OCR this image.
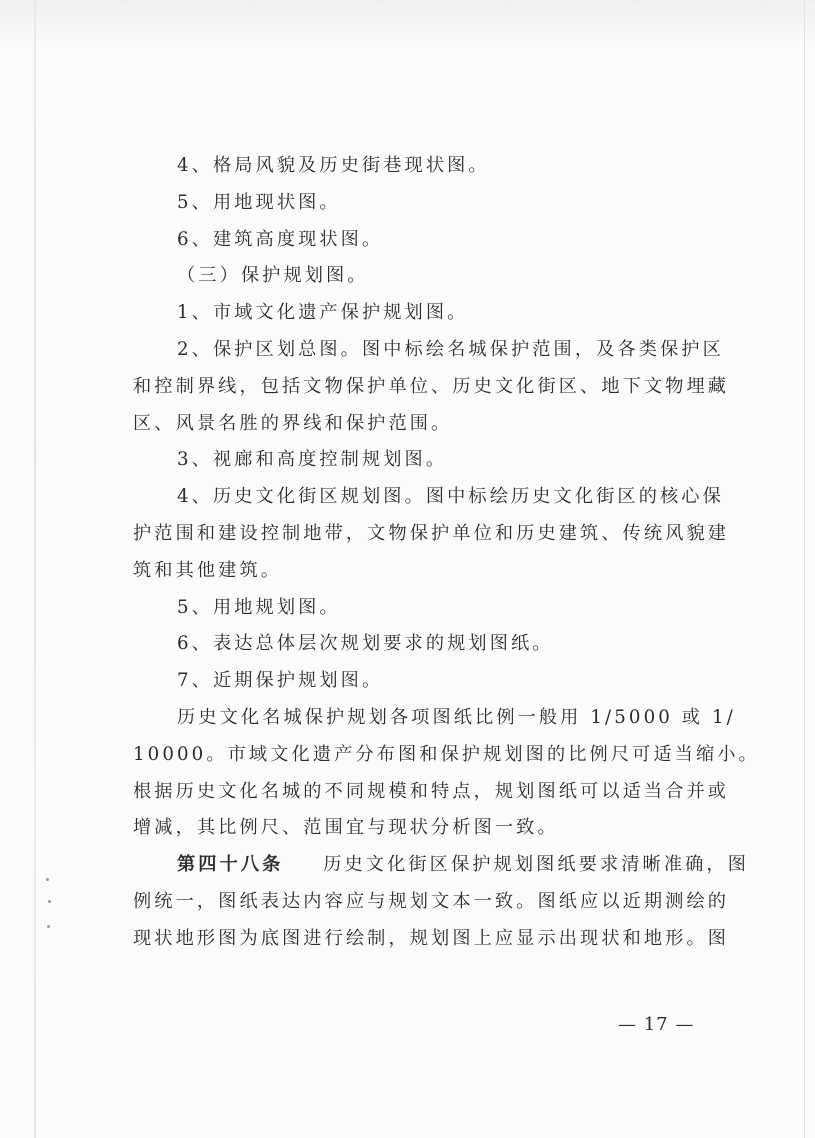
4、格局风貌及历史街巷现状图。
5、用地现状图。
6、建筑高度现状图。
（三）保护规划图。
1、市域文化遗产保护规划图。
2、保护区划总图。图中标绘名城保护范围，及各类保护区
和控制界线，包括文物保护单位、历史文化街区、地下文物埋藏
区、风景名胜的界线和保护范围。
3、视廊和高度控制规划图。
4、历史文化街区规划图。图中标绘历史文化街区的核心保
护范围和建设控制地带，文物保护单位和历史建筑、传统风貌建
筑和其他建筑。
5、用地规划图。
6、表达总体层次规划要求的规划图纸。
7、近期保护规划图。
历史文化名城保护规划各项图纸比例一般用 1/5000 或 1/
10000。市域文化遗产分布图和保护规划图的比例尺可适当缩小。
根据历史文化名城的不同规模和特点，规划图纸可以适当合并或
增减，其比例尺、范围宜与现状分析图一致。
第四十八条 历史文化街区保护规划图纸要求清晰准确，图
例统一，图纸表达内容应与规划文本一致。图纸应以近期测绘的
现状地形图为底图进行绘制，规划图上应显示出现状和地形。图
— 17 —
